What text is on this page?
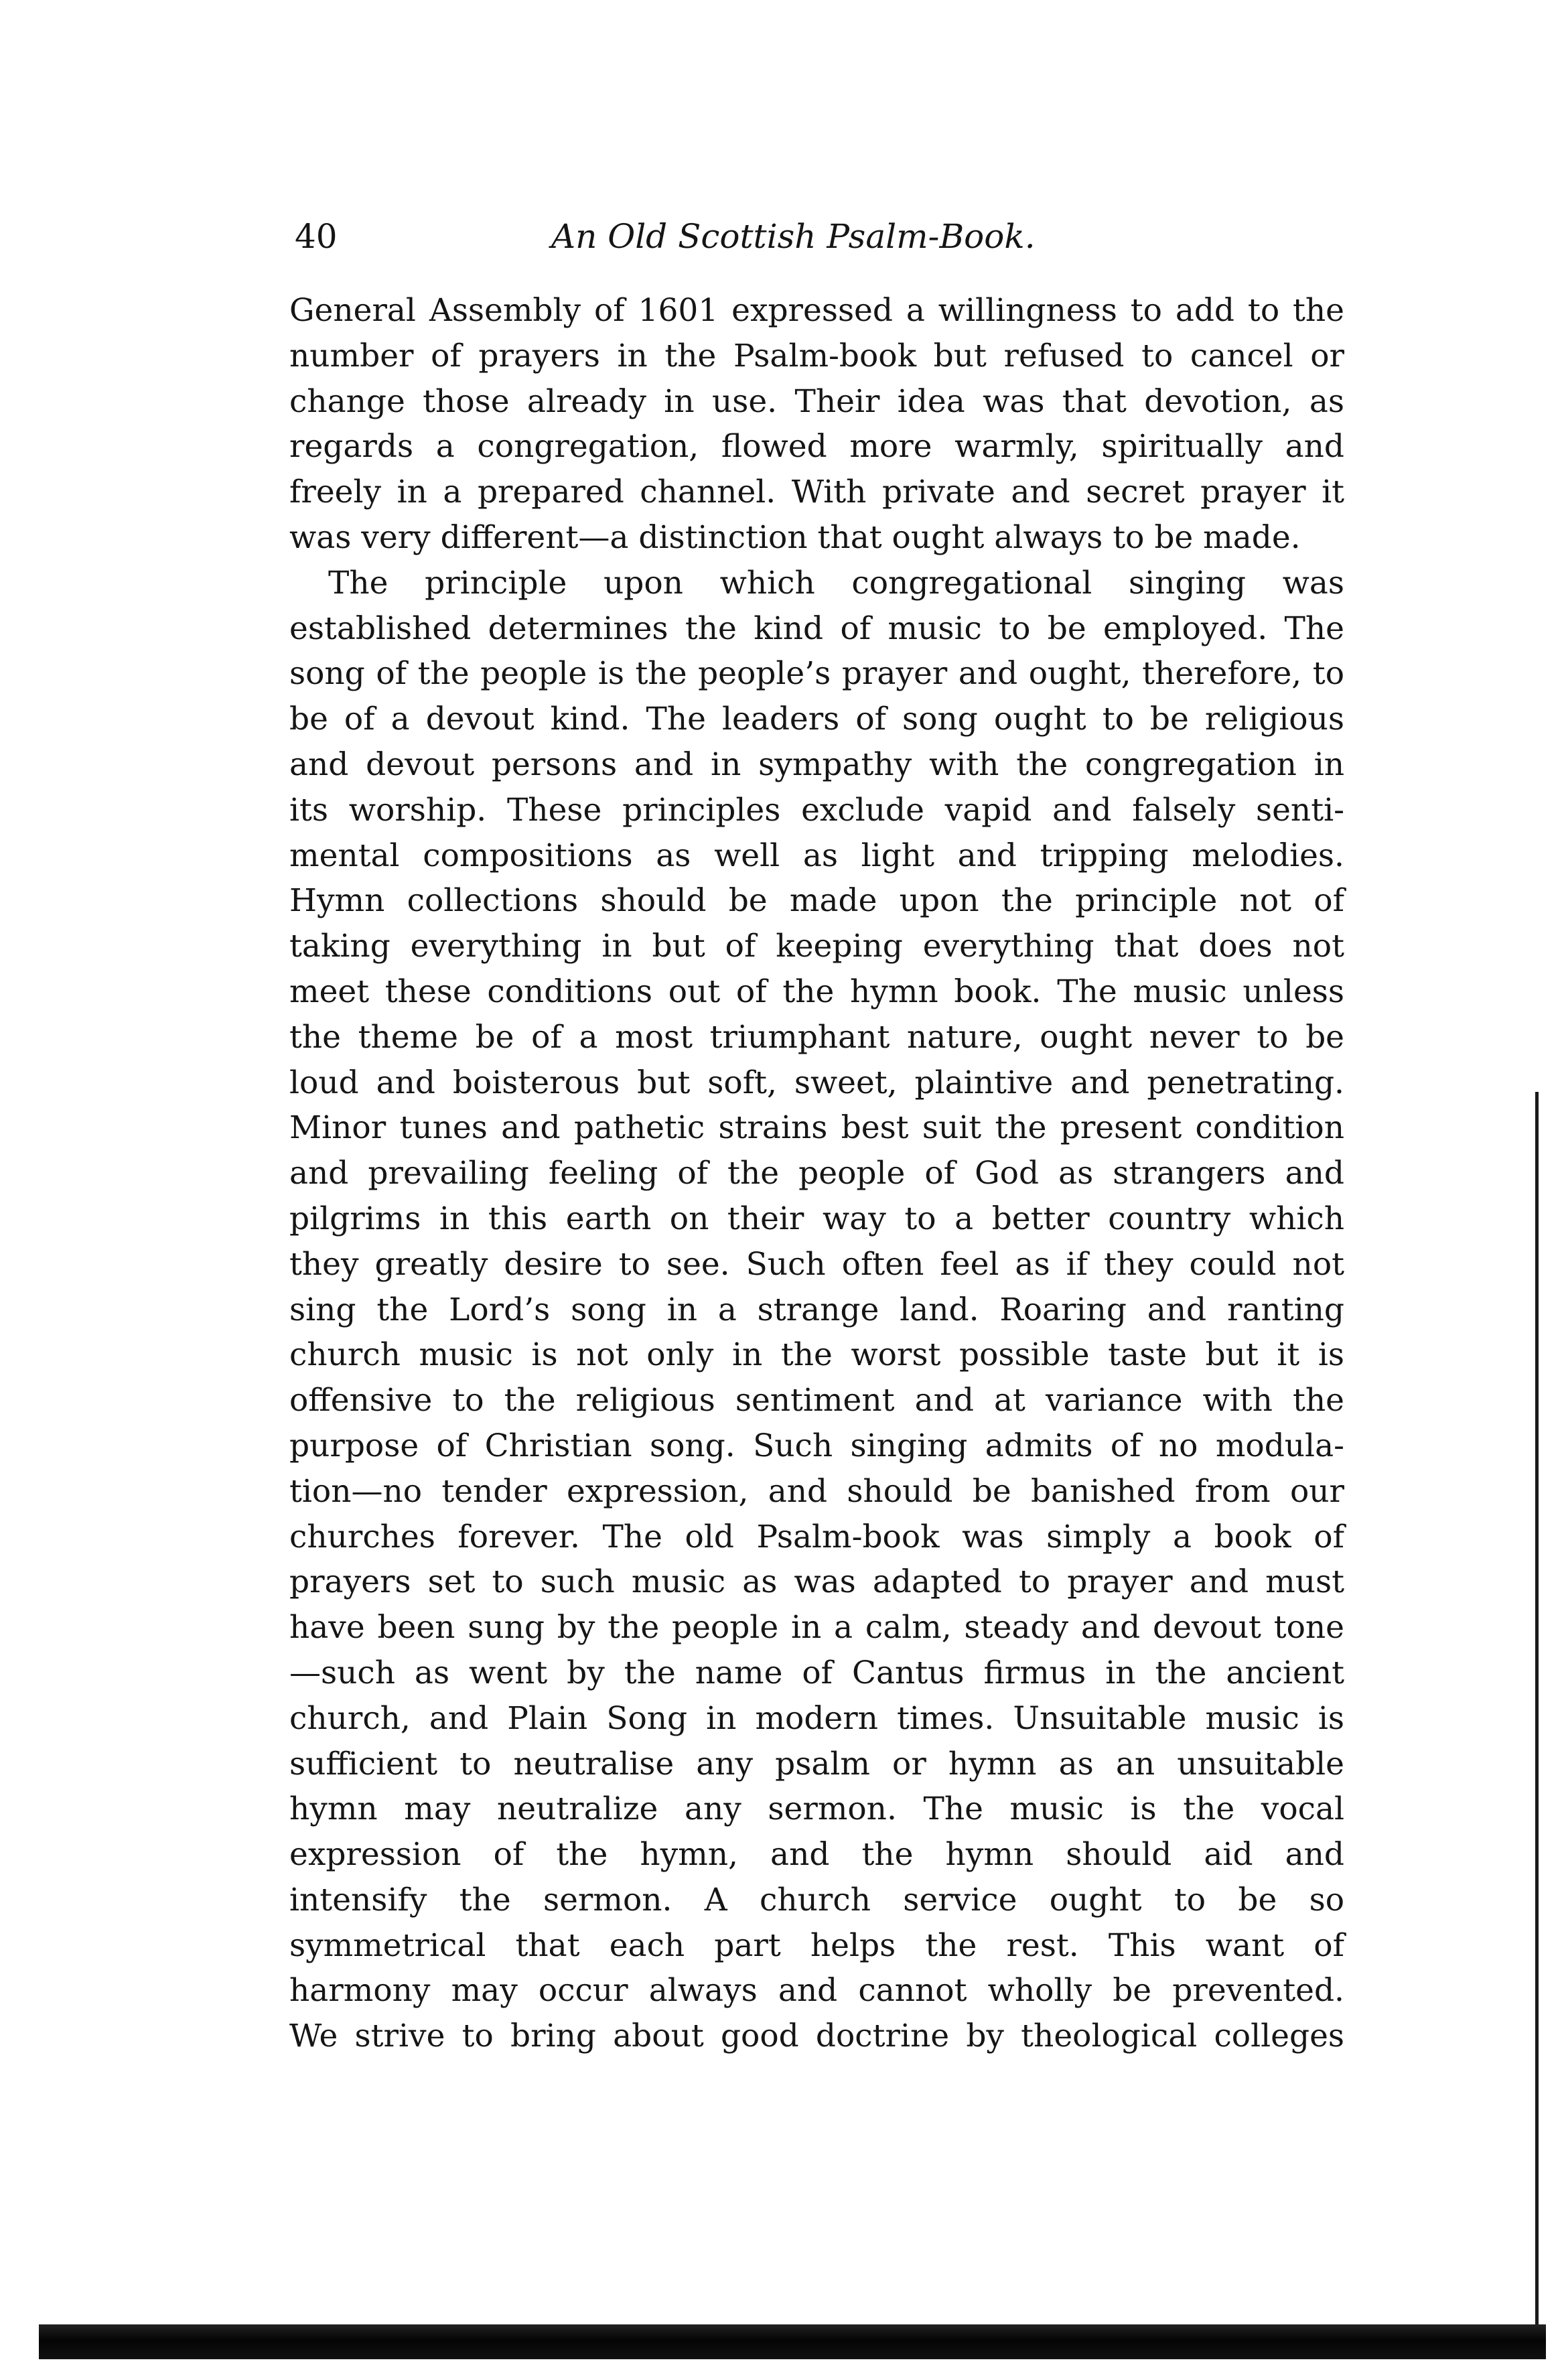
40	An Old Scottish Psalm-Book.
General Assembly of 1601 expressed a willingness to add to the
number of prayers in the Psalm-book but refused to cancel or
change those already in use. Their idea was that devotion, as
regards a congregation, flowed more warmly, spiritually and
freely in a prepared channel. With private and secret prayer it
was very different—a distinction that ought always to be made.
The principle upon which congregational singing was
established determines the kind of music to be employed. The
song of the people is the people’s prayer and ought, therefore, to
be of a devout kind. The leaders of song ought to be religious
and devout persons and in sympathy with the congregation in
its worship. These principles exclude vapid and falsely senti-
mental compositions as well as light and tripping melodies.
Hymn collections should be made upon the principle not of
taking everything in but of keeping everything that does not
meet these conditions out of the hymn book. The music unless
the theme be of a most triumphant nature, ought never to be
loud and boisterous but soft, sweet, plaintive and penetrating.
Minor tunes and pathetic strains best suit the present condition
and prevailing feeling of the people of God as strangers and
pilgrims in this earth on their way to a better country which
they greatly desire to see. Such often feel as if they could not
sing the Lord’s song in a strange land. Roaring and ranting
church music is not only in the worst possible taste but it is
offensive to the religious sentiment and at variance with the
purpose of Christian song. Such singing admits of no modula-
tion—no tender expression, and should be banished from our
churches forever. The old Psalm-book was simply a book of
prayers set to such music as was adapted to prayer and must
have been sung by the people in a calm, steady and devout tone
—such as went by the name of Cantus firmus in the ancient
church, and Plain Song in modern times. Unsuitable music is
sufficient to neutralise any psalm or hymn as an unsuitable
hymn may neutralize any sermon. The music is the vocal
expression of the hymn, and the hymn should aid and
intensify the sermon. A church service ought to be so
symmetrical that each part helps the rest. This want of
harmony may occur always and cannot wholly be prevented.
We strive to bring about good doctrine by theological colleges
